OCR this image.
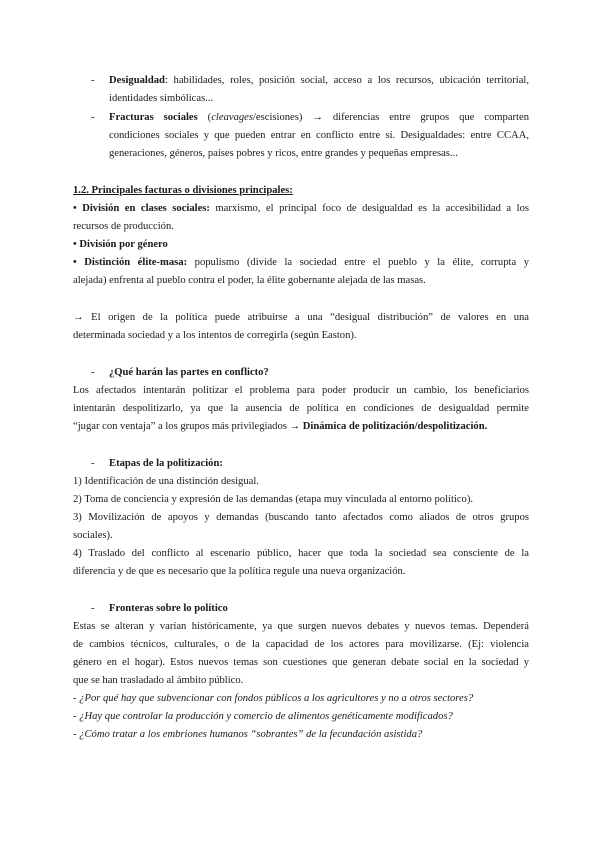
- Desigualdad: habilidades, roles, posición social, acceso a los recursos, ubicación territorial,
identidades simbólicas...
- Fracturas sociales (cleavages/escisiones) → diferencias entre grupos que comparten
condiciones sociales y que pueden entrar en conflicto entre sí. Desigualdades: entre CCAA,
generaciones, géneros, países pobres y ricos, entre grandes y pequeñas empresas...
1.2. Principales facturas o divisiones principales:
• División en clases sociales: marxismo, el principal foco de desigualdad es la accesibilidad a los
recursos de producción.
• División por género
• Distinción élite-masa: populismo (divide la sociedad entre el pueblo y la élite, corrupta y
alejada) enfrenta al pueblo contra el poder, la élite gobernante alejada de las masas.
→ El origen de la política puede atribuirse a una “desigual distribución” de valores en una
determinada sociedad y a los intentos de corregirla (según Easton).
- ¿Qué harán las partes en conflicto?
Los afectados intentarán politizar el problema para poder producir un cambio, los beneficiarios
intentarán despolitizarlo, ya que la ausencia de política en condiciones de desigualdad permite
“jugar con ventaja” a los grupos más privilegiados → Dinámica de politización/despolitización.
- Etapas de la politización:
1) Identificación de una distinción desigual.
2) Toma de conciencia y expresión de las demandas (etapa muy vinculada al entorno político).
3) Movilización de apoyos y demandas (buscando tanto afectados como aliados de otros grupos
sociales).
4) Traslado del conflicto al escenario público, hacer que toda la sociedad sea consciente de la
diferencia y de que es necesario que la política regule una nueva organización.
- Fronteras sobre lo político
Estas se alteran y varían históricamente, ya que surgen nuevos debates y nuevos temas. Dependerá
de cambios técnicos, culturales, o de la capacidad de los actores para movilizarse. (Ej: violencia
género en el hogar). Estos nuevos temas son cuestiones que generan debate social en la sociedad y
que se han trasladado al ámbito público.
- ¿Por qué hay que subvencionar con fondos públicos a los agricultores y no a otros sectores?
- ¿Hay que controlar la producción y comercio de alimentos genéticamente modificados?
- ¿Cómo tratar a los embriones humanos “sobrantes” de la fecundación asistida?
